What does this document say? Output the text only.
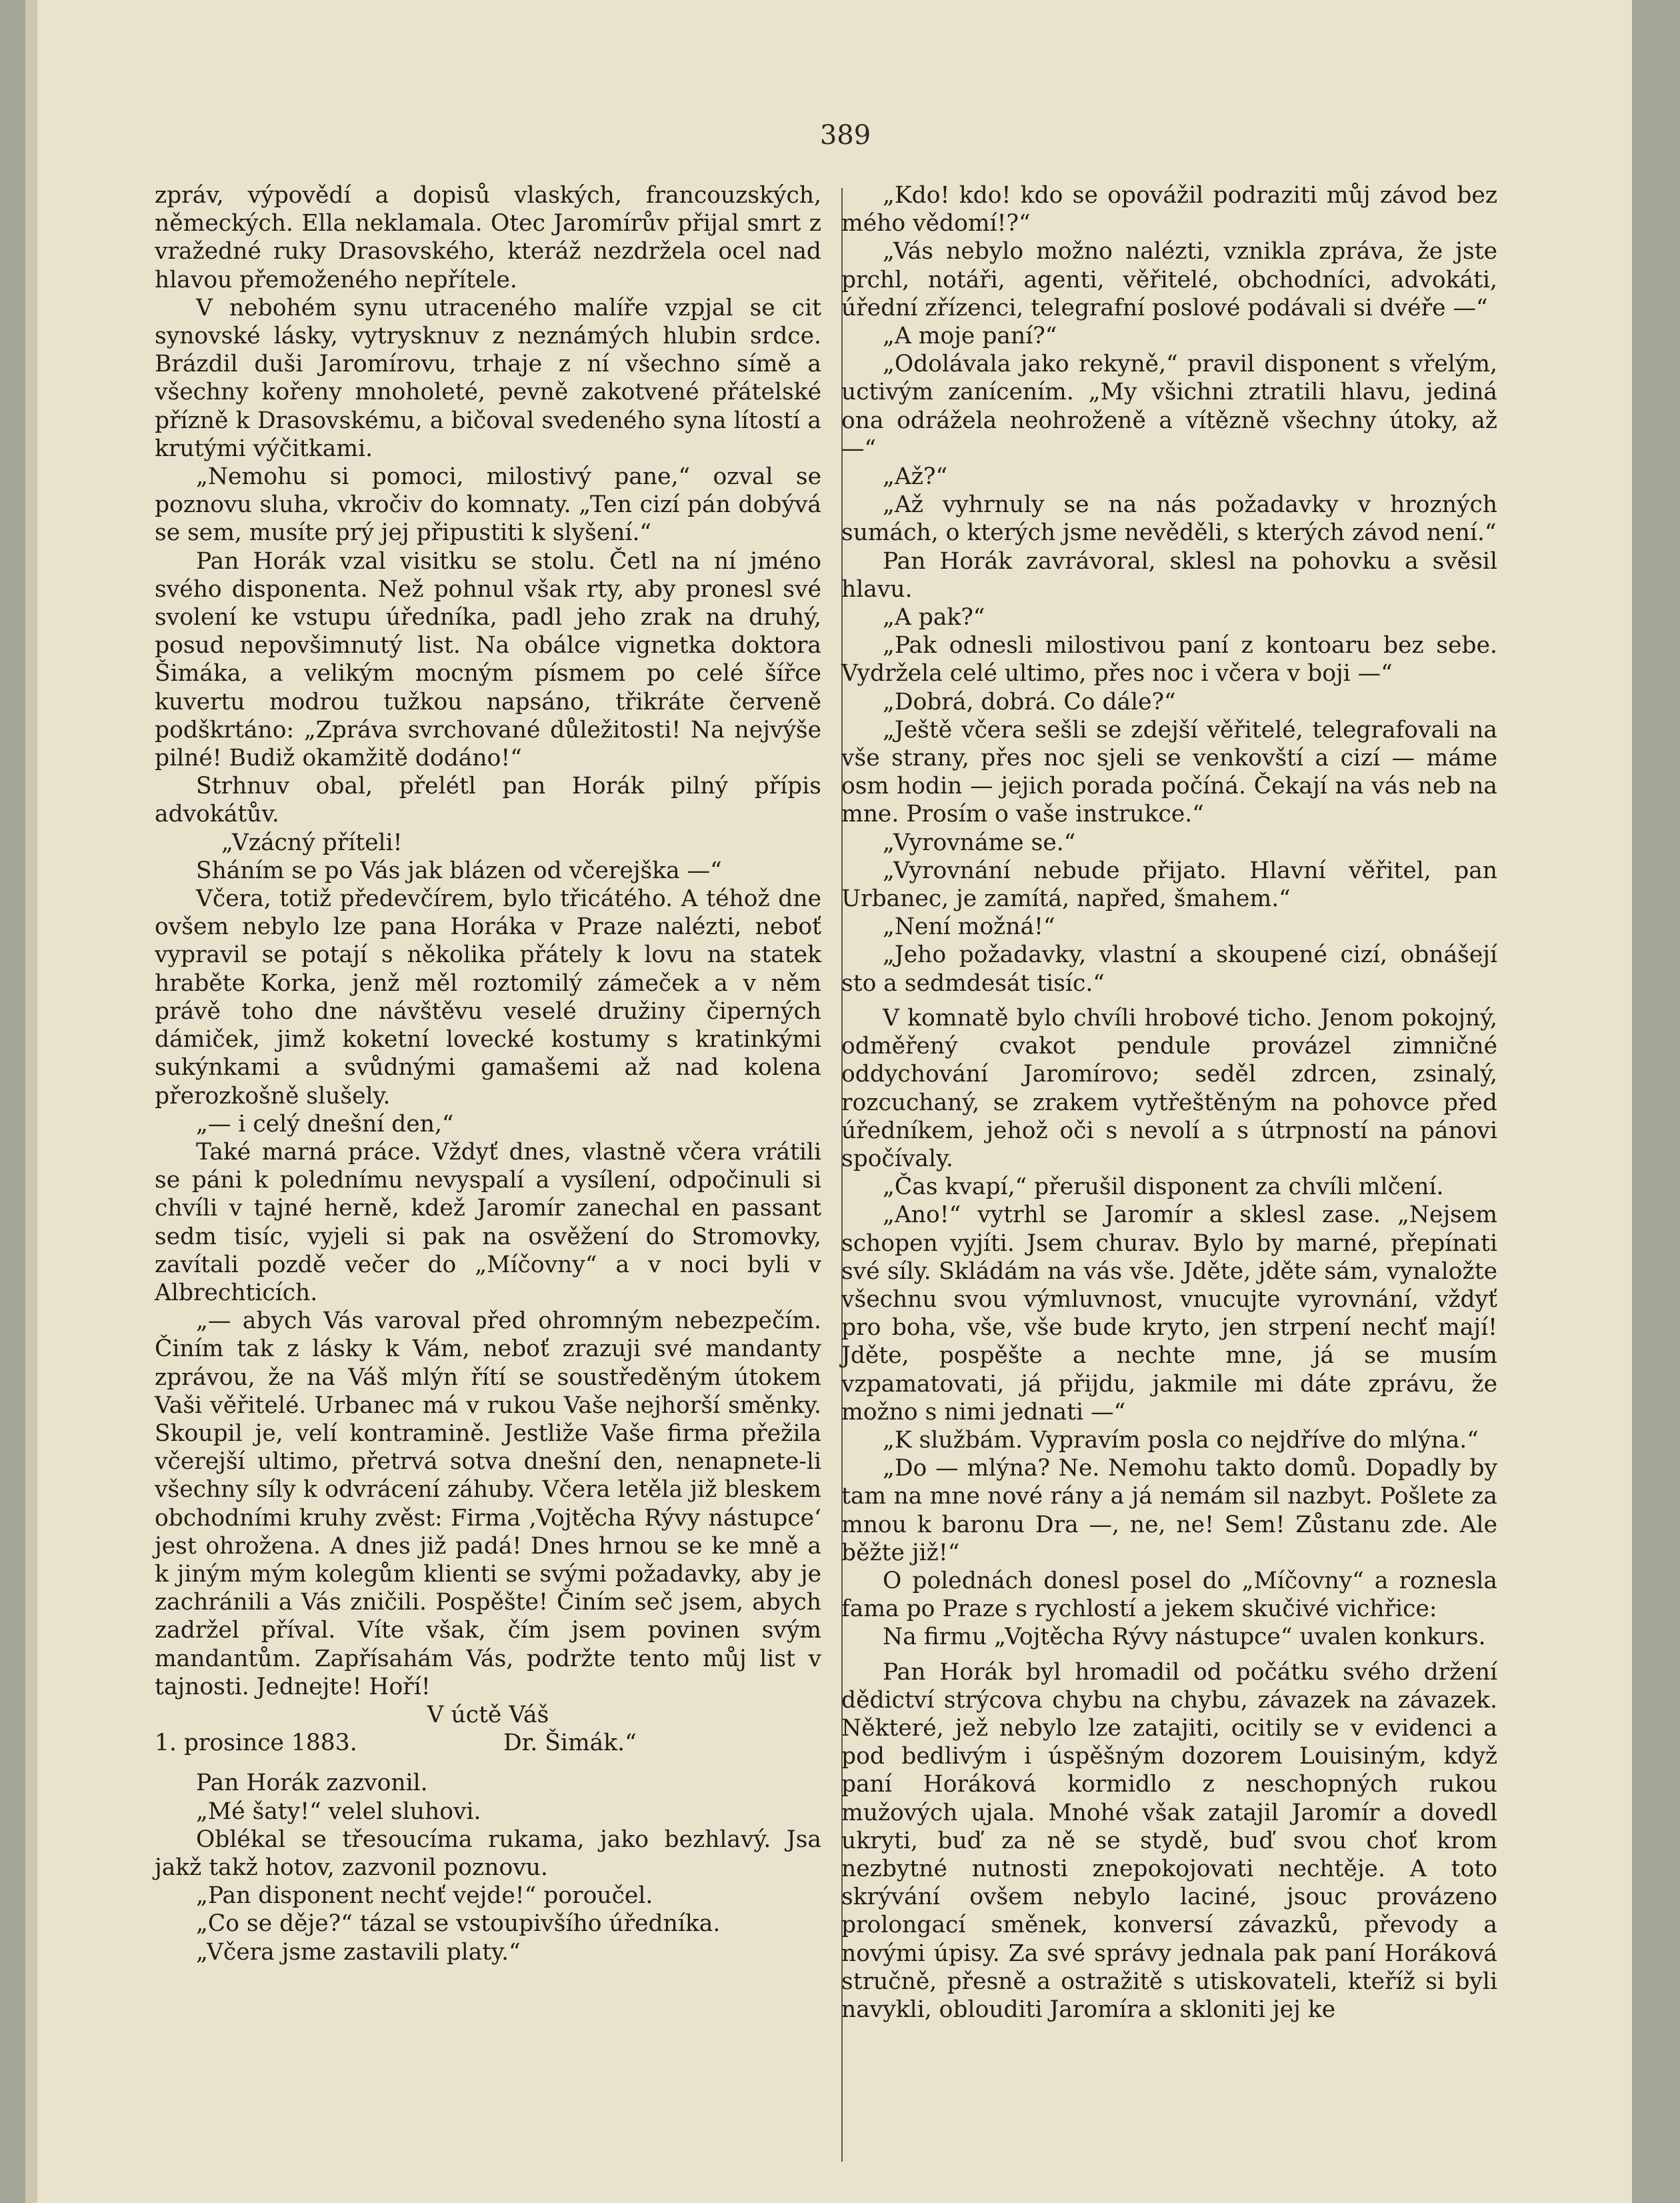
389

zpráv, výpovědí a dopisů vlaských, francouzských, německých. Ella neklamala. Otec Jaromírův přijal smrt z vražedné ruky Drasovského, kteráž nezdržela ocel nad hlavou přemoženého nepřítele.

V nebohém synu utraceného malíře vzpjal se cit synovské lásky, vytrysknuv z neznámých hlubin srdce. Brázdil duši Jaromírovu, trhaje z ní všechno símě a všechny kořeny mnoholeté, pevně zakotvené přátelské přízně k Drasovskému, a bičoval svedeného syna lítostí a krutými výčitkami.

„Nemohu si pomoci, milostivý pane,“ ozval se poznovu sluha, vkročiv do komnaty. „Ten cizí pán dobývá se sem, musíte prý jej připustiti k slyšení.“

Pan Horák vzal visitku se stolu. Četl na ní jméno svého disponenta. Než pohnul však rty, aby pronesl své svolení ke vstupu úředníka, padl jeho zrak na druhý, posud nepovšimnutý list. Na obálce vignetka doktora Šimáka, a velikým mocným písmem po celé šířce kuvertu modrou tužkou napsáno, třikráte červeně podškrtáno: „Zpráva svrchované důležitosti! Na nejvýše pilné! Budiž okamžitě dodáno!“

Strhnuv obal, přelétl pan Horák pilný přípis advokátův.

„Vzácný příteli!

Sháním se po Vás jak blázen od včerejška —“

Včera, totiž předevčírem, bylo třicátého. A téhož dne ovšem nebylo lze pana Horáka v Praze nalézti, neboť vypravil se potají s několika přátely k lovu na statek hraběte Korka, jenž měl roztomilý zámeček a v něm právě toho dne návštěvu veselé družiny čiperných dámiček, jimž koketní lovecké kostumy s kratinkými sukýnkami a svůdnými gamašemi až nad kolena přerozkošně slušely.

„— i celý dnešní den,“

Také marná práce. Vždyť dnes, vlastně včera vrátili se páni k polednímu nevyspalí a vysílení, odpočinuli si chvíli v tajné herně, kdež Jaromír zanechal en passant sedm tisíc, vyjeli si pak na osvěžení do Stromovky, zavítali pozdě večer do „Míčovny“ a v noci byli v Albrechticích.

„— abych Vás varoval před ohromným nebezpečím. Činím tak z lásky k Vám, neboť zrazuji své mandanty zprávou, že na Váš mlýn řítí se soustředěným útokem Vaši věřitelé. Urbanec má v rukou Vaše nejhorší směnky. Skoupil je, velí kontramině. Jestliže Vaše firma přežila včerejší ultimo, přetrvá sotva dnešní den, nenapnete-li všechny síly k odvrácení záhuby. Včera letěla již bleskem obchodními kruhy zvěst: Firma ‚Vojtěcha Rývy nástupce‘ jest ohrožena. A dnes již padá! Dnes hrnou se ke mně a k jiným mým kolegům klienti se svými požadavky, aby je zachránili a Vás zničili. Pospěšte! Činím seč jsem, abych zadržel příval. Víte však, čím jsem povinen svým mandantům. Zapřísahám Vás, podržte tento můj list v tajnosti. Jednejte! Hoří!

V úctě Váš

1. prosince 1883.                    Dr. Šimák.“

Pan Horák zazvonil.

„Mé šaty!“ velel sluhovi.

Oblékal se třesoucíma rukama, jako bezhlavý. Jsa jakž takž hotov, zazvonil poznovu.

„Pan disponent nechť vejde!“ poroučel.

„Co se děje?“ tázal se vstoupivšího úředníka.

„Včera jsme zastavili platy.“

„Kdo! kdo! kdo se opovážil podraziti můj závod bez mého vědomí!?“

„Vás nebylo možno nalézti, vznikla zpráva, že jste prchl, notáři, agenti, věřitelé, obchodníci, advokáti, úřední zřízenci, telegrafní poslové podávali si dvéře —“

„A moje paní?“

„Odolávala jako rekyně,“ pravil disponent s vřelým, uctivým zanícením. „My všichni ztratili hlavu, jediná ona odrážela neohroženě a vítězně všechny útoky, až —“

„Až?“

„Až vyhrnuly se na nás požadavky v hrozných sumách, o kterých jsme nevěděli, s kterých závod není.“

Pan Horák zavrávoral, sklesl na pohovku a svěsil hlavu.

„A pak?“

„Pak odnesli milostivou paní z kontoaru bez sebe. Vydržela celé ultimo, přes noc i včera v boji —“

„Dobrá, dobrá. Co dále?“

„Ještě včera sešli se zdejší věřitelé, telegrafovali na vše strany, přes noc sjeli se venkovští a cizí — máme osm hodin — jejich porada počíná. Čekají na vás neb na mne. Prosím o vaše instrukce.“

„Vyrovnáme se.“

„Vyrovnání nebude přijato. Hlavní věřitel, pan Urbanec, je zamítá, napřed, šmahem.“

„Není možná!“

„Jeho požadavky, vlastní a skoupené cizí, obnášejí sto a sedmdesát tisíc.“

V komnatě bylo chvíli hrobové ticho. Jenom pokojný, odměřený cvakot pendule provázel zimničné oddychování Jaromírovo; seděl zdrcen, zsinalý, rozcuchaný, se zrakem vytřeštěným na pohovce před úředníkem, jehož oči s nevolí a s útrpností na pánovi spočívaly.

„Čas kvapí,“ přerušil disponent za chvíli mlčení.

„Ano!“ vytrhl se Jaromír a sklesl zase. „Nejsem schopen vyjíti. Jsem churav. Bylo by marné, přepínati své síly. Skládám na vás vše. Jděte, jděte sám, vynaložte všechnu svou výmluvnost, vnucujte vyrovnání, vždyť pro boha, vše, vše bude kryto, jen strpení nechť mají! Jděte, pospěšte a nechte mne, já se musím vzpamatovati, já přijdu, jakmile mi dáte zprávu, že možno s nimi jednati —“

„K službám. Vypravím posla co nejdříve do mlýna.“

„Do — mlýna? Ne. Nemohu takto domů. Dopadly by tam na mne nové rány a já nemám sil nazbyt. Pošlete za mnou k baronu Dra —, ne, ne! Sem! Zůstanu zde. Ale běžte již!“

O polednách donesl posel do „Míčovny“ a roznesla fama po Praze s rychlostí a jekem skučivé vichřice:

Na firmu „Vojtěcha Rývy nástupce“ uvalen konkurs.

Pan Horák byl hromadil od počátku svého držení dědictví strýcova chybu na chybu, závazek na závazek. Některé, jež nebylo lze zatajiti, ocitily se v evidenci a pod bedlivým i úspěšným dozorem Louisiným, když paní Horáková kormidlo z neschopných rukou mužových ujala. Mnohé však zatajil Jaromír a dovedl ukryti, buď za ně se stydě, buď svou choť krom nezbytné nutnosti znepokojovati nechtěje. A toto skrývání ovšem nebylo laciné, jsouc provázeno prolongací směnek, konversí závazků, převody a novými úpisy. Za své správy jednala pak paní Horáková stručně, přesně a ostražitě s utiskovateli, kteříž si byli navykli, oblouditi Jaromíra a skloniti jej ke
